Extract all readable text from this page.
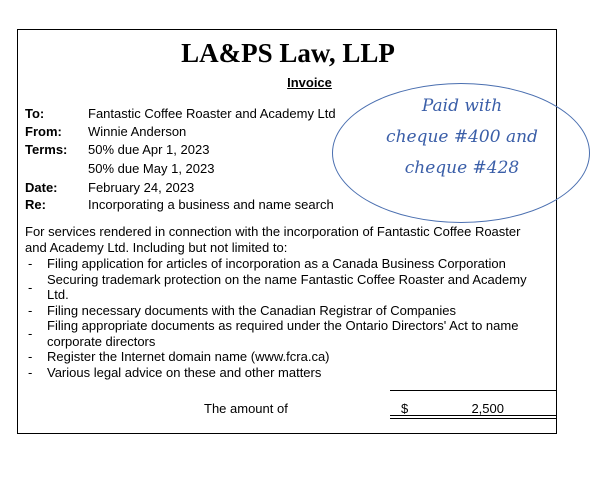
LA&PS Law, LLP
Invoice
To:	Fantastic Coffee Roaster and Academy Ltd
From: Winnie Anderson
Terms: 50% due Apr 1, 2023
50% due May 1, 2023
Date: February 24, 2023
Re:	Incorporating a business and name search
For services rendered in connection with the incorporation of Fantastic Coffee Roaster and Academy Ltd. Including but not limited to:
- Filing application for articles of incorporation as a Canada Business Corporation
-
Securing trademark protection on the name Fantastic Coffee Roaster and Academy Ltd.
- Filing necessary documents with the Canadian Registrar of Companies
-
Filing appropriate documents as required under the Ontario Directors' Act to name corporate directors
- Register the Internet domain name (www.fcra.ca)
- Various legal advice on these and other matters
The amount of	$	2,500
Paid with
cheque #400 and
cheque #428
